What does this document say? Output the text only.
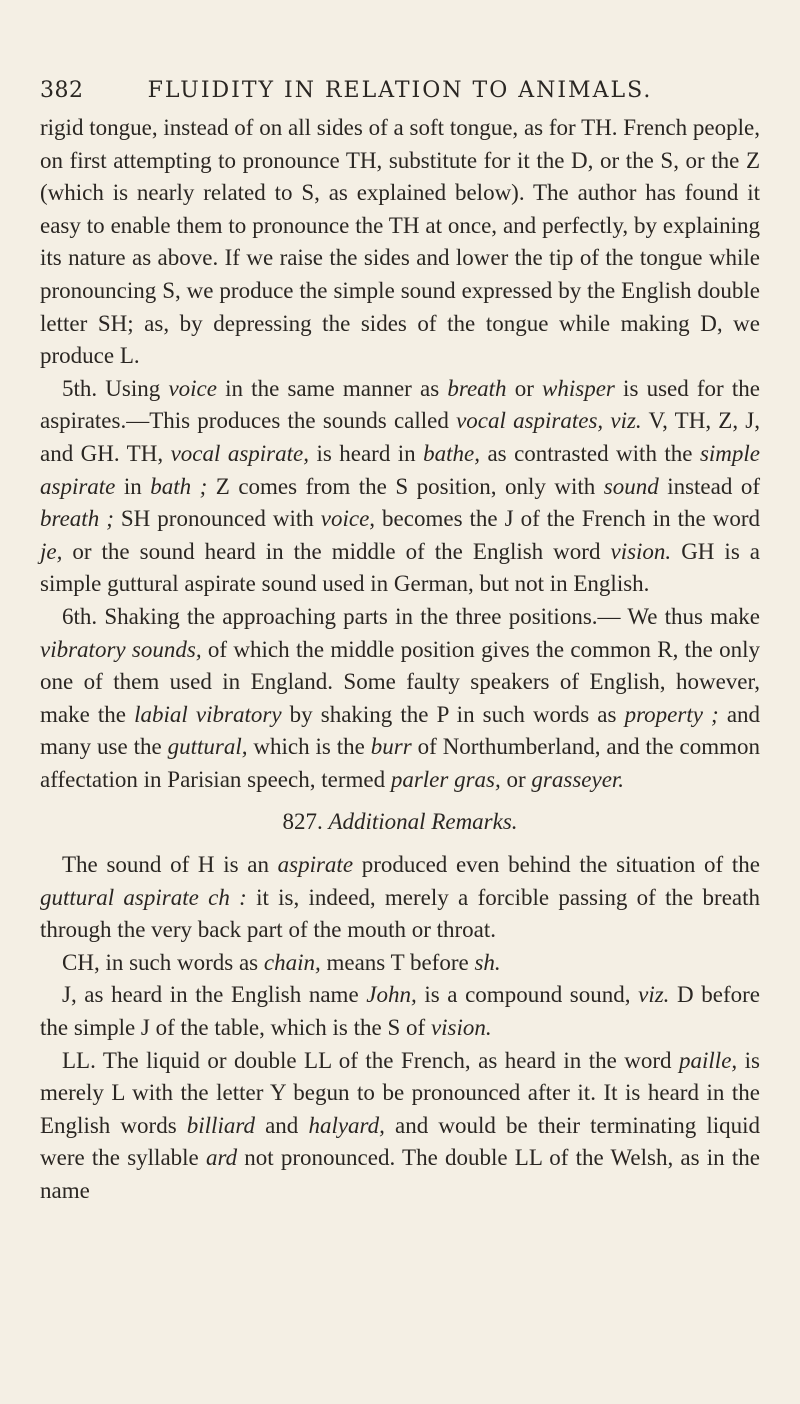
382	FLUIDITY IN RELATION TO ANIMALS.

rigid tongue, instead of on all sides of a soft tongue, as for TH. French people, on first attempting to pronounce TH, substitute for it the D, or the S, or the Z (which is nearly related to S, as explained below). The author has found it easy to enable them to pronounce the TH at once, and perfectly, by explaining its nature as above. If we raise the sides and lower the tip of the tongue while pronouncing S, we produce the simple sound expressed by the English double letter SH; as, by depressing the sides of the tongue while making D, we produce L.

5th. Using voice in the same manner as breath or whisper is used for the aspirates.—This produces the sounds called vocal aspirates, viz. V, TH, Z, J, and GH. TH, vocal aspirate, is heard in bathe, as contrasted with the simple aspirate in bath ; Z comes from the S position, only with sound instead of breath ; SH pronounced with voice, becomes the J of the French in the word je, or the sound heard in the middle of the English word vision. GH is a simple guttural aspirate sound used in German, but not in English.

6th. Shaking the approaching parts in the three positions.— We thus make vibratory sounds, of which the middle position gives the common R, the only one of them used in England. Some faulty speakers of English, however, make the labial vibratory by shaking the P in such words as property ; and many use the guttural, which is the burr of Northumberland, and the common affectation in Parisian speech, termed parler gras, or grasseyer.

827. Additional Remarks.

The sound of H is an aspirate produced even behind the situation of the guttural aspirate ch : it is, indeed, merely a forcible passing of the breath through the very back part of the mouth or throat.

CH, in such words as chain, means T before sh.

J, as heard in the English name John, is a compound sound, viz. D before the simple J of the table, which is the S of vision.

LL. The liquid or double LL of the French, as heard in the word paille, is merely L with the letter Y begun to be pronounced after it. It is heard in the English words billiard and halyard, and would be their terminating liquid were the syllable ard not pronounced. The double LL of the Welsh, as in the name
